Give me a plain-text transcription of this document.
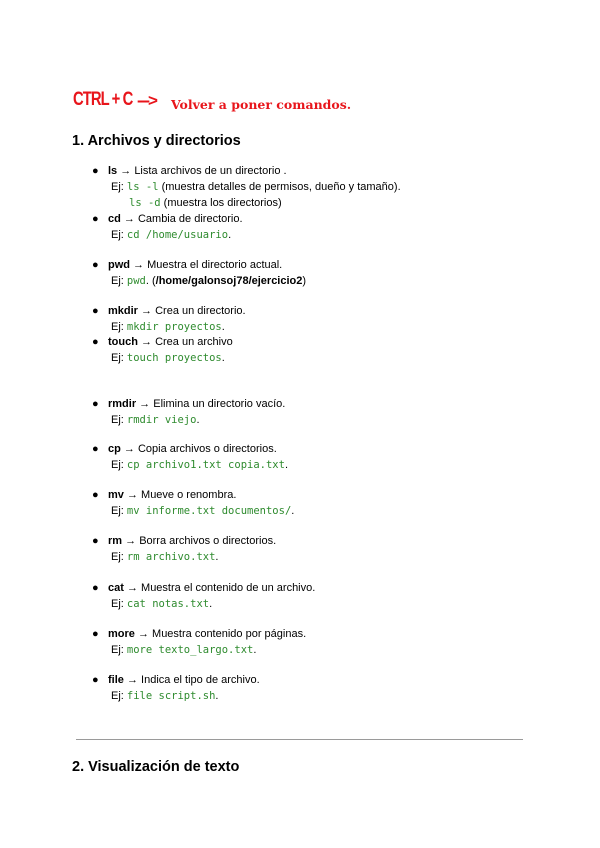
CTRL + C ---> Volver a poner comandos.
1. Archivos y directorios
● ls → Lista archivos de un directorio .
Ej: ls -l (muestra detalles de permisos, dueño y tamaño).
ls -d (muestra los directorios)
● cd → Cambia de directorio.
Ej: cd /home/usuario.
● pwd → Muestra el directorio actual.
Ej: pwd. (/home/galonsoj78/ejercicio2)
● mkdir → Crea un directorio.
Ej: mkdir proyectos.
● touch → Crea un archivo
Ej: touch proyectos.
● rmdir → Elimina un directorio vacío.
Ej: rmdir viejo.
● cp → Copia archivos o directorios.
Ej: cp archivo1.txt copia.txt.
● mv → Mueve o renombra.
Ej: mv informe.txt documentos/.
● rm → Borra archivos o directorios.
Ej: rm archivo.txt.
● cat → Muestra el contenido de un archivo.
Ej: cat notas.txt.
● more → Muestra contenido por páginas.
Ej: more texto_largo.txt.
● file → Indica el tipo de archivo.
Ej: file script.sh.
2. Visualización de texto
